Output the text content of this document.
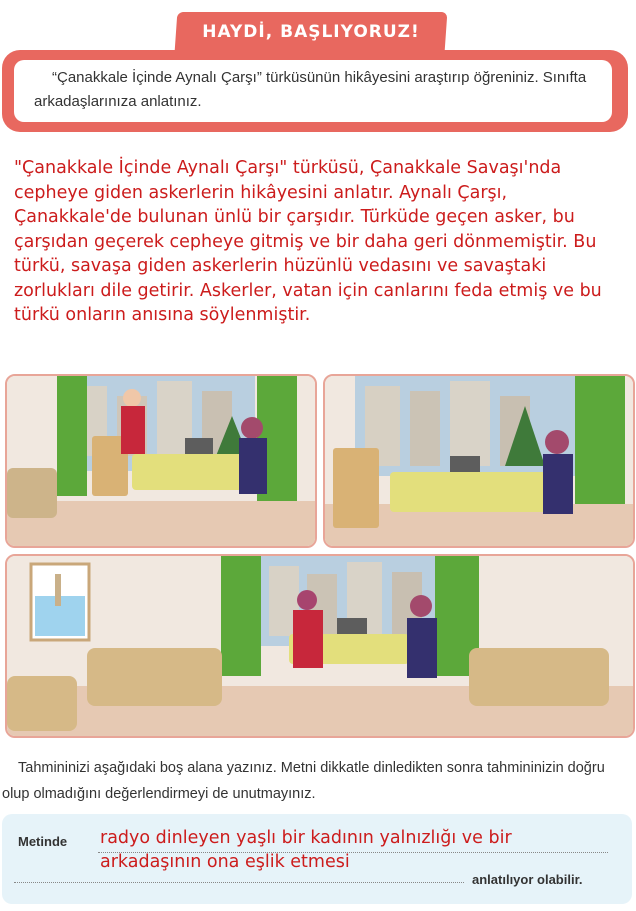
HAYDİ, BAŞLIYORUZ!
“Çanakkale İçinde Aynalı Çarşı” türküsünün hikâyesini araştırıp öğreniniz. Sınıfta arkadaşlarınıza anlatınız.
"Çanakkale İçinde Aynalı Çarşı" türküsü, Çanakkale Savaşı'nda cepheye giden askerlerin hikâyesini anlatır. Aynalı Çarşı, Çanakkale'de bulunan ünlü bir çarşıdır. Türküde geçen asker, bu çarşıdan geçerek cepheye gitmiş ve bir daha geri dönmemiştir. Bu türkü, savaşa giden askerlerin hüzünlü vedasını ve savaştaki zorlukları dile getirir. Askerler, vatan için canlarını feda etmiş ve bu türkü onların anısına söylenmiştir.
Tahmininizi aşağıdaki boş alana yazınız. Metni dikkatle dinledikten sonra tahmininizin doğru olup olmadığını değerlendirmeyi de unutmayınız.
Metinde radyo dinleyen yaşlı bir kadının yalnızlığı ve bir arkadaşının ona eşlik etmesi
anlatılıyor olabilir.
